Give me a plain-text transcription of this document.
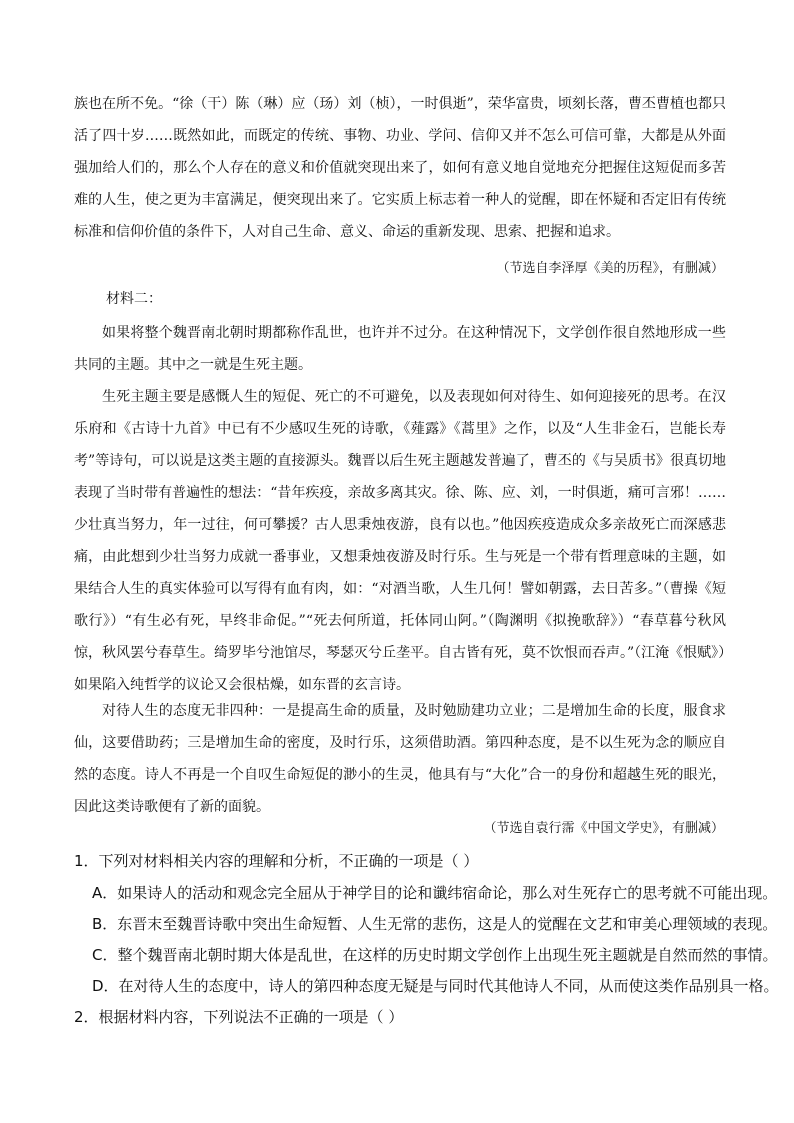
族也在所不免。“徐（干）陈（琳）应（玚）刘（桢），一时俱逝”，荣华富贵，顷刻长落，曹丕曹植也都只活了四十岁……既然如此，而既定的传统、事物、功业、学问、信仰又并不怎么可信可靠，大都是从外面强加给人们的，那么个人存在的意义和价值就突现出来了，如何有意义地自觉地充分把握住这短促而多苦难的人生，使之更为丰富满足，便突现出来了。它实质上标志着一种人的觉醒，即在怀疑和否定旧有传统标准和信仰价值的条件下，人对自己生命、意义、命运的重新发现、思索、把握和追求。

（节选自李泽厚《美的历程》，有删减）
材料二：

如果将整个魏晋南北朝时期都称作乱世，也许并不过分。在这种情况下，文学创作很自然地形成一些共同的主题。其中之一就是生死主题。

生死主题主要是感慨人生的短促、死亡的不可避免，以及表现如何对待生、如何迎接死的思考。在汉乐府和《古诗十九首》中已有不少感叹生死的诗歌，《薤露》《蒿里》之作，以及“人生非金石，岂能长寿考”等诗句，可以说是这类主题的直接源头。魏晋以后生死主题越发普遍了，曹丕的《与吴质书》很真切地表现了当时带有普遍性的想法：“昔年疾疫，亲故多离其灾。徐、陈、应、刘，一时俱逝，痛可言邪！……少壮真当努力，年一过往，何可攀援？古人思秉烛夜游，良有以也。”他因疾疫造成众多亲故死亡而深感悲痛，由此想到少壮当努力成就一番事业，又想秉烛夜游及时行乐。生与死是一个带有哲理意味的主题，如果结合人生的真实体验可以写得有血有肉，如：“对酒当歌，人生几何！譬如朝露，去日苦多。”（曹操《短歌行》）“有生必有死，早终非命促。”“死去何所道，托体同山阿。”（陶渊明《拟挽歌辞》）“春草暮兮秋风惊，秋风罢兮春草生。绮罗毕兮池馆尽，琴瑟灭兮丘垄平。自古皆有死，莫不饮恨而吞声。”（江淹《恨赋》）

如果陷入纯哲学的议论又会很枯燥，如东晋的玄言诗。

对待人生的态度无非四种：一是提高生命的质量，及时勉励建功立业；二是增加生命的长度，服食求仙，这要借助药；三是增加生命的密度，及时行乐，这须借助酒。第四种态度，是不以生死为念的顺应自然的态度。诗人不再是一个自叹生命短促的渺小的生灵，他具有与“大化”合一的身份和超越生死的眼光，因此这类诗歌便有了新的面貌。

（节选自袁行霈《中国文学史》，有删减）
1．下列对材料相关内容的理解和分析，不正确的一项是（ ）
A．如果诗人的活动和观念完全屈从于神学目的论和谶纬宿命论，那么对生死存亡的思考就不可能出现。
B．东晋末至魏晋诗歌中突出生命短暂、人生无常的悲伤，这是人的觉醒在文艺和审美心理领域的表现。
C．整个魏晋南北朝时期大体是乱世，在这样的历史时期文学创作上出现生死主题就是自然而然的事情。
D．在对待人生的态度中，诗人的第四种态度无疑是与同时代其他诗人不同，从而使这类作品别具一格。
2．根据材料内容，下列说法不正确的一项是（ ）
